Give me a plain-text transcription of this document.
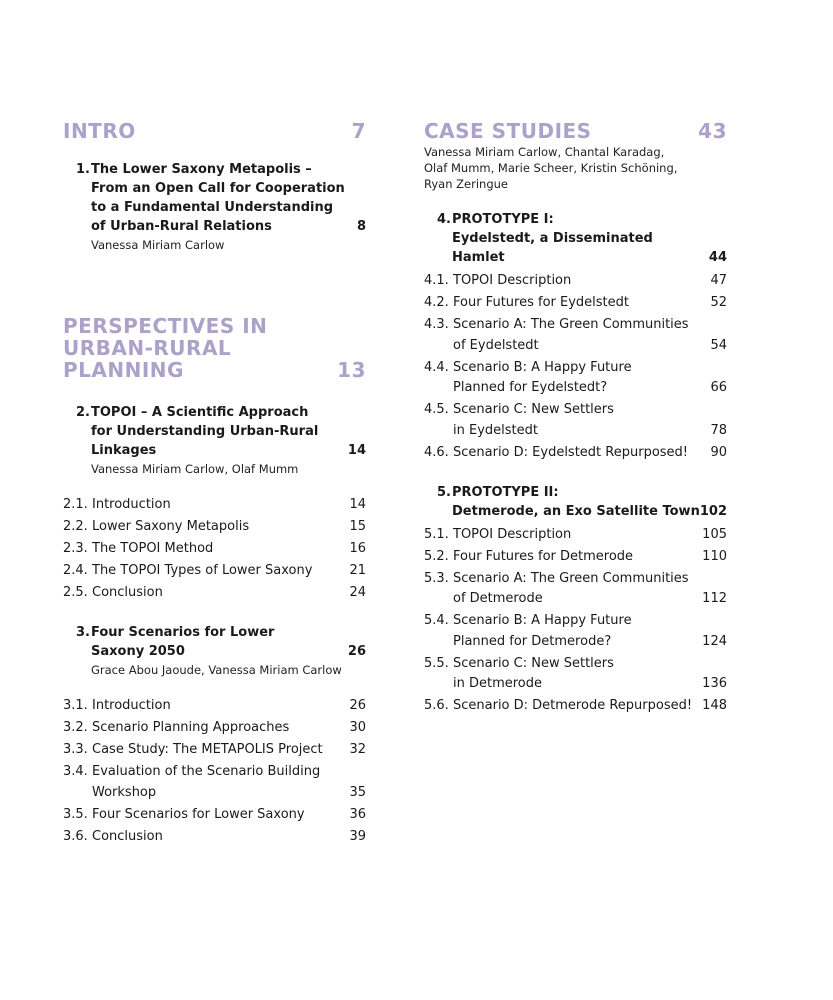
INTRO	7
1. The Lower Saxony Metapolis –
From an Open Call for Cooperation
to a Fundamental Understanding
of Urban-Rural Relations	8
Vanessa Miriam Carlow
PERSPECTIVES IN
URBAN-RURAL
PLANNING	13
2. TOPOI – A Scientific Approach
for Understanding Urban-Rural
Linkages	14
Vanessa Miriam Carlow, Olaf Mumm
2.1. Introduction	14
2.2. Lower Saxony Metapolis	15
2.3. The TOPOI Method	16
2.4. The TOPOI Types of Lower Saxony	21
2.5. Conclusion	24
3. Four Scenarios for Lower
Saxony 2050	26
Grace Abou Jaoude, Vanessa Miriam Carlow
3.1. Introduction	26
3.2. Scenario Planning Approaches	30
3.3. Case Study: The METAPOLIS Project 32
3.4. Evaluation of the Scenario Building
Workshop	35
3.5. Four Scenarios for Lower Saxony	36
3.6. Conclusion	39
CASE STUDIES	43
Vanessa Miriam Carlow, Chantal Karadag,
Olaf Mumm, Marie Scheer, Kristin Schöning,
Ryan Zeringue
4. PROTOTYPE I:
Eydelstedt, a Disseminated Hamlet	44
4.1. TOPOI Description	47
4.2. Four Futures for Eydelstedt	52
4.3. Scenario A: The Green Communities
of Eydelstedt	54
4.4. Scenario B: A Happy Future
Planned for Eydelstedt?	66
4.5. Scenario C: New Settlers
in Eydelstedt	78
4.6. Scenario D: Eydelstedt Repurposed! 90
5. PROTOTYPE II:
Detmerode, an Exo Satellite Town 102
5.1. TOPOI Description	105
5.2. Four Futures for Detmerode	110
5.3. Scenario A: The Green Communities
of Detmerode	112
5.4. Scenario B: A Happy Future
Planned for Detmerode?	124
5.5. Scenario C: New Settlers
in Detmerode	136
5.6. Scenario D: Detmerode Repurposed! 148
